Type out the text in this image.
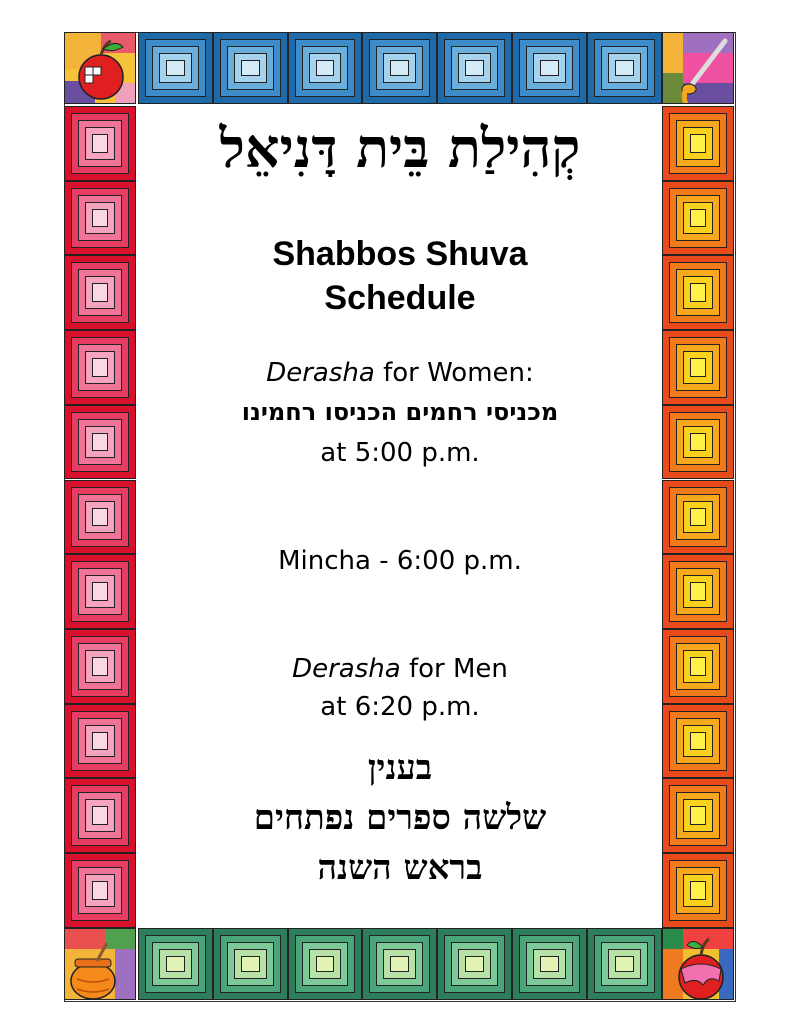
קְהִילַת בֵּית דָּנִיאֵל
Shabbos Shuva
Schedule
Derasha for Women:
מכניסי רחמים הכניסו רחמינו
at 5:00 p.m.
Mincha - 6:00 p.m.
Derasha for Men
at 6:20 p.m.
בענין
שלשה ספרים נפתחים
בראש השנה
